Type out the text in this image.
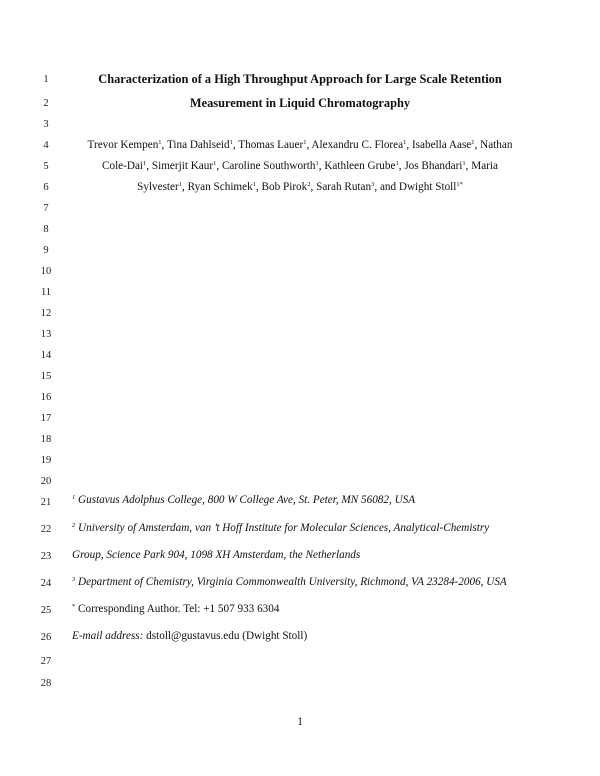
1
2
3
4
5
6
7
8
9
10
11
12
13
14
15
16
17
18
19
20
21
22
23
24
25
26
27
28
Characterization of a High Throughput Approach for Large Scale Retention
Measurement in Liquid Chromatography
Trevor Kempen$^1$, Tina Dahlseid$^1$, Thomas Lauer$^1$, Alexandru C. Florea$^1$, Isabella Aase$^1$, Nathan
Cole-Dai$^1$, Simerjit Kaur$^1$, Caroline Southworth$^1$, Kathleen Grube$^1$, Jos Bhandari$^1$, Maria
Sylvester$^1$, Ryan Schimek$^1$, Bob Pirok$^2$, Sarah Rutan$^3$, and Dwight Stoll$^{1*}$
$^1$ Gustavus Adolphus College, 800 W College Ave, St. Peter, MN 56082, USA
$^2$ University of Amsterdam, van ’t Hoff Institute for Molecular Sciences, Analytical-Chemistry
Group, Science Park 904, 1098 XH Amsterdam, the Netherlands
$^3$ Department of Chemistry, Virginia Commonwealth University, Richmond, VA 23284-2006, USA
* Corresponding Author. Tel: +1 507 933 6304
E-mail address: dstoll@gustavus.edu (Dwight Stoll)
1
